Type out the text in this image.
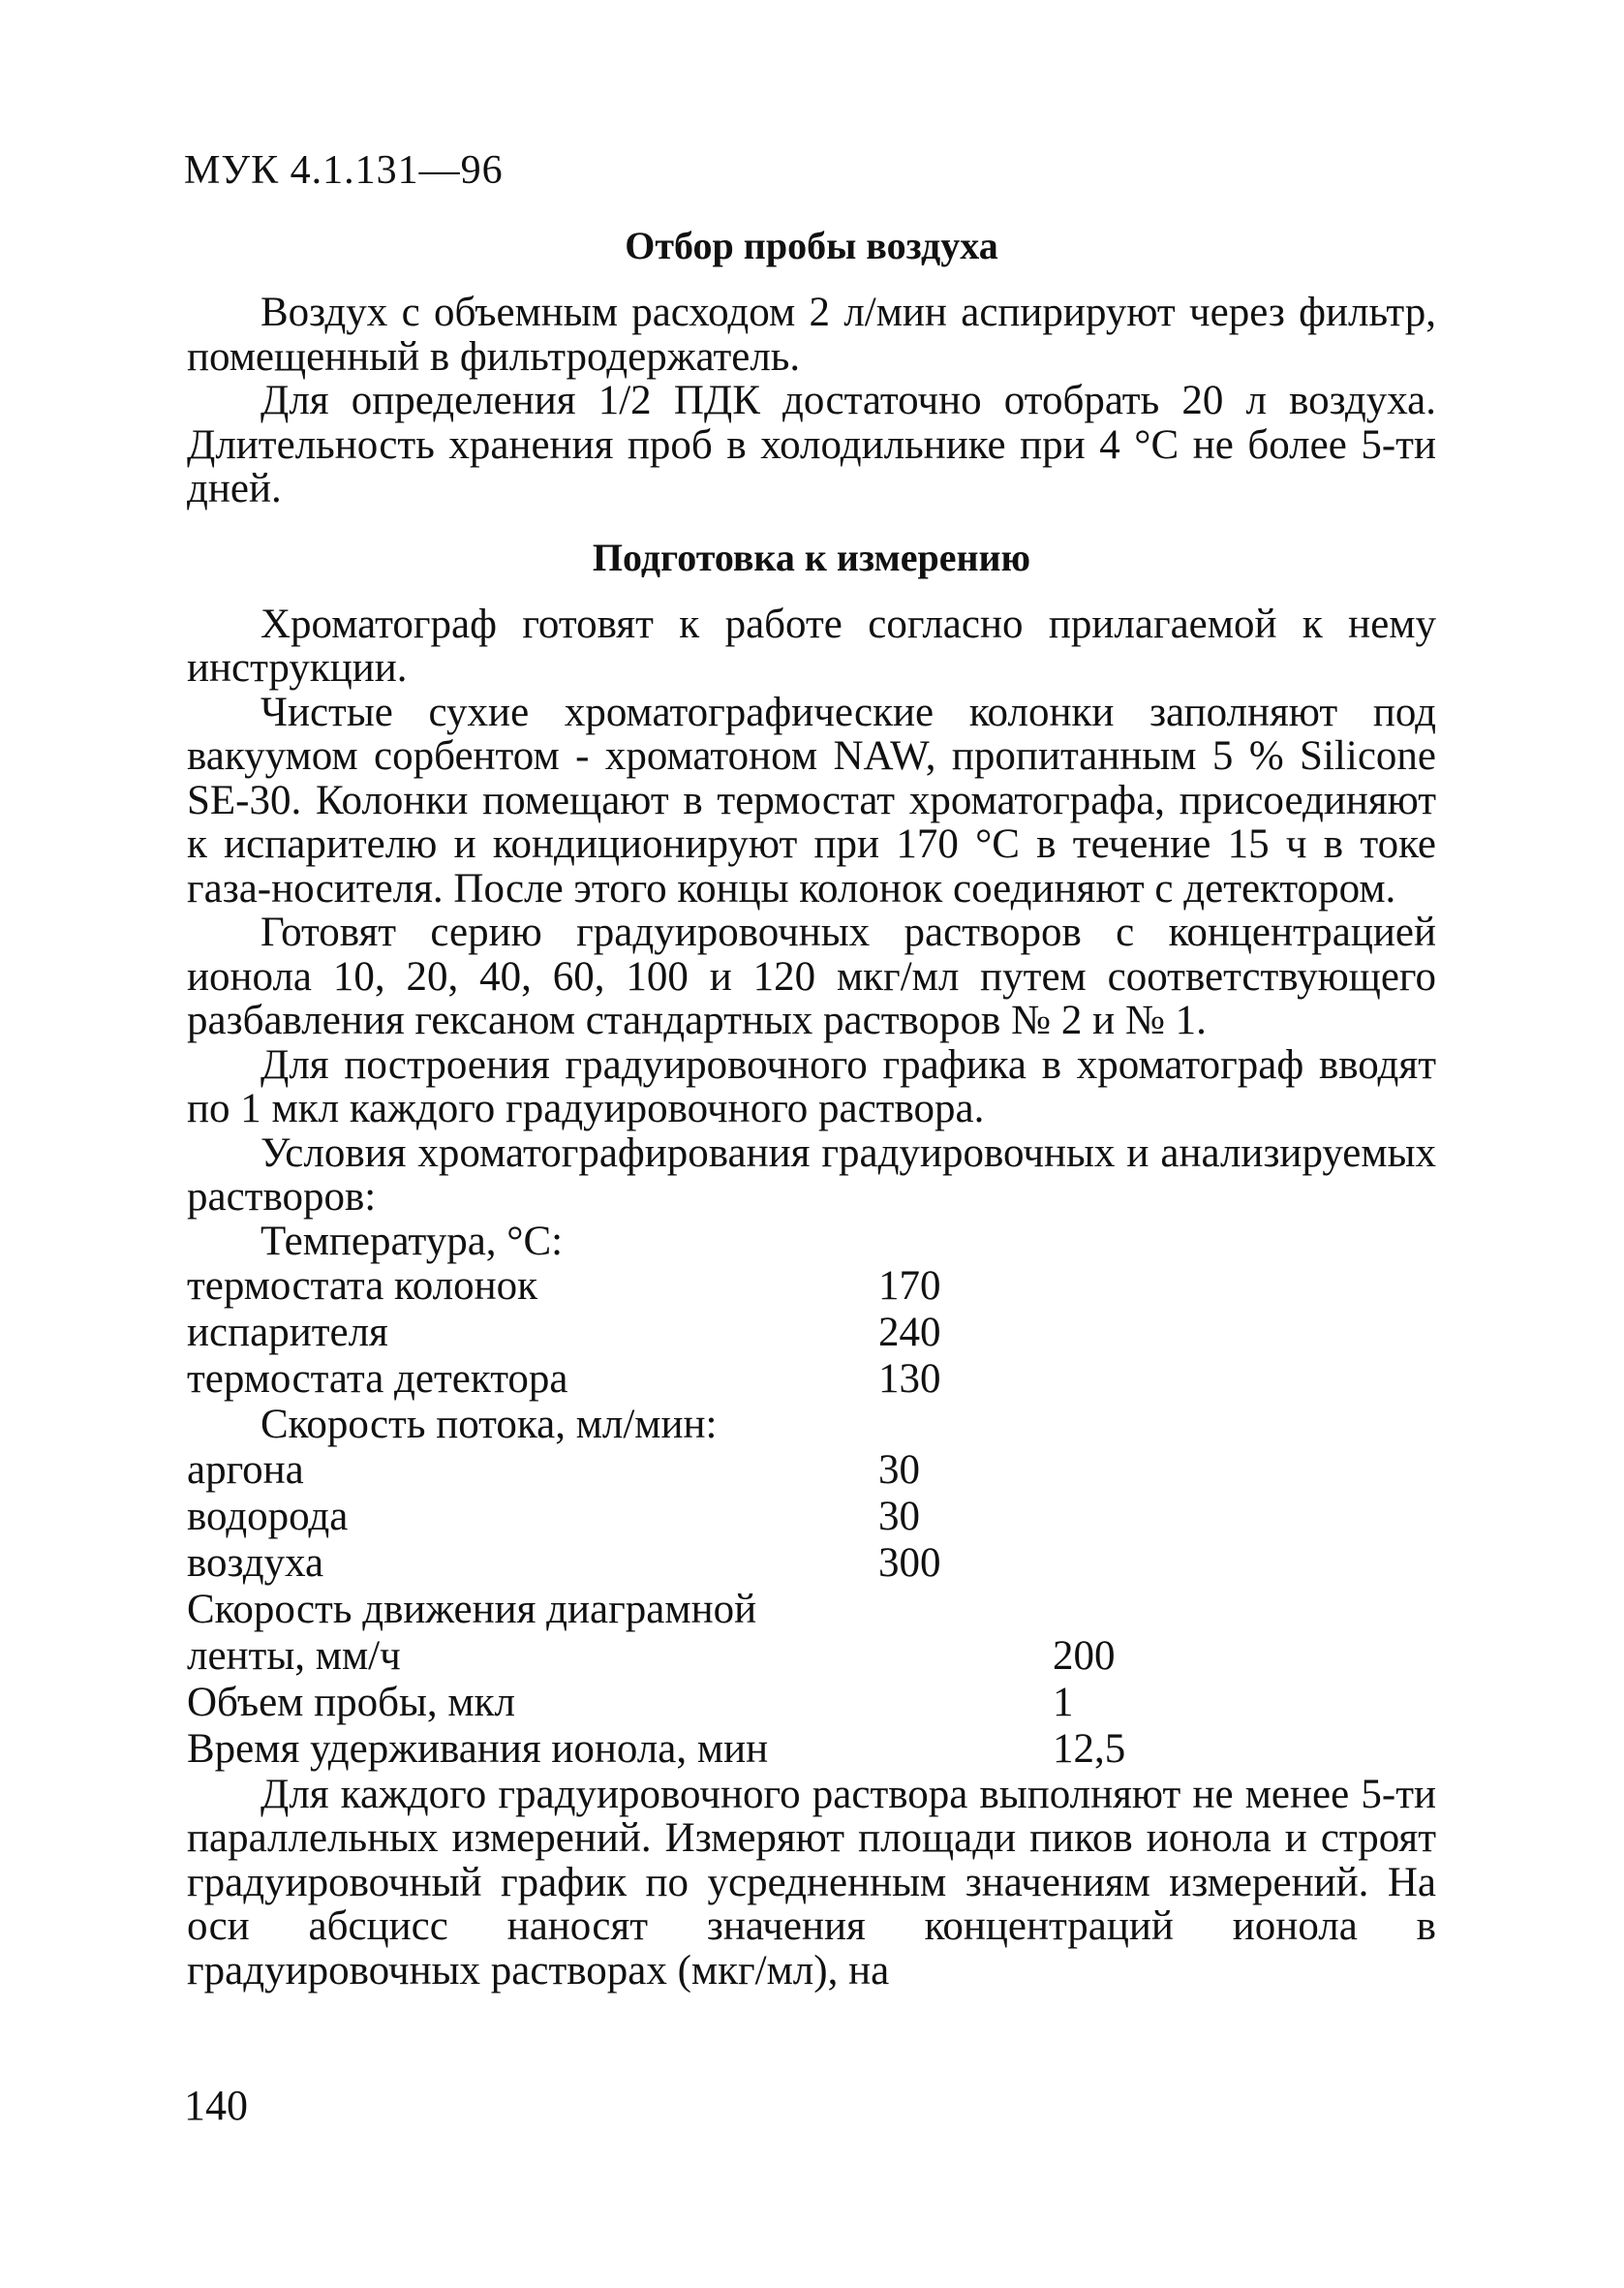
МУК 4.1.131—96
Отбор пробы воздуха

Воздух с объемным расходом 2 л/мин аспирируют через фильтр, помещенный в фильтродержатель.

Для определения 1/2 ПДК достаточно отобрать 20 л воздуха. Длительность хранения проб в холодильнике при 4 °С не более 5-ти дней.

Подготовка к измерению

Хроматограф готовят к работе согласно прилагаемой к нему инструкции.

Чистые сухие хроматографические колонки заполняют под вакуумом сорбентом - хроматоном NAW, пропитанным 5 % Silicone SE-30. Колонки помещают в термостат хроматографа, присоединяют к испарителю и кондиционируют при 170 °С в течение 15 ч в токе газа-носителя. После этого концы колонок соединяют с детектором.

Готовят серию градуировочных растворов с концентрацией ионола 10, 20, 40, 60, 100 и 120 мкг/мл путем соответствующего разбавления гексаном стандартных растворов № 2 и № 1.

Для построения градуировочного графика в хроматограф вводят по 1 мкл каждого градуировочного раствора.

Условия хроматографирования градуировочных и анализируемых растворов:

Температура, °С:
термостата колонок	170
испарителя	240
термостата детектора	130
Скорость потока, мл/мин:
аргона	30
водорода	30
воздуха	300
Скорость движения диаграмной ленты, мм/ч	200
Объем пробы, мкл	1
Время удерживания ионола, мин	12,5

Для каждого градуировочного раствора выполняют не менее 5-ти параллельных измерений. Измеряют площади пиков ионола и строят градуировочный график по усредненным значениям измерений. На оси абсцисс наносят значения концентраций ионола в градуировочных растворах (мкг/мл), на

140
